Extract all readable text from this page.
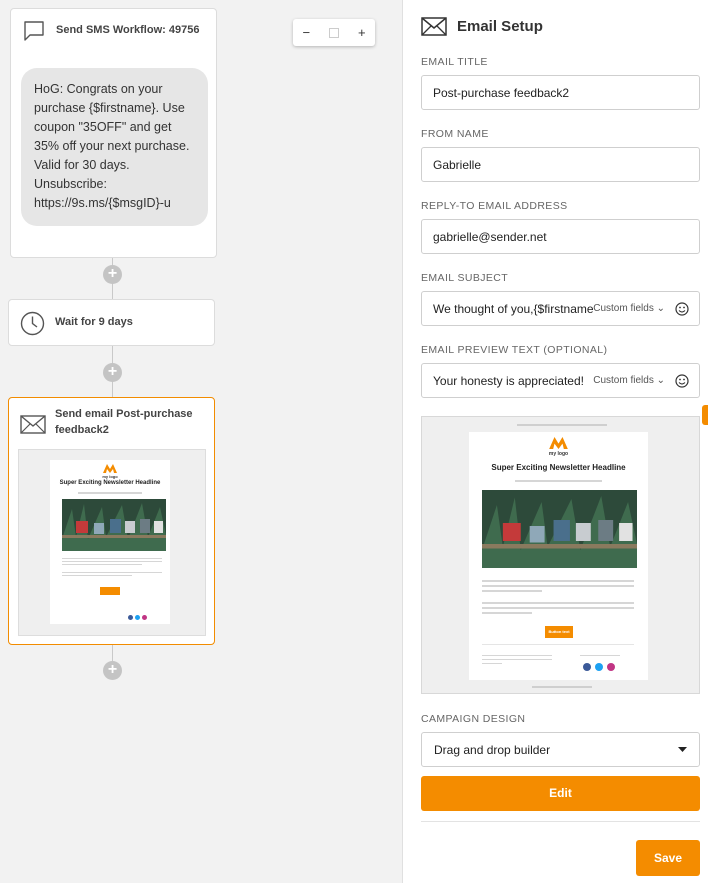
Send SMS Workflow: 49756
HoG: Congrats on your purchase {$firstname}. Use coupon "35OFF" and get 35% off your next purchase. Valid for 30 days. Unsubscribe: https://9s.ms/{$msgID}-u
+
Wait for 9 days
+
Send email Post-purchase feedback2
my logo
Super Exciting Newsletter Headline
+
−	+	Email Setup
EMAIL TITLE
Post-purchase feedback2
FROM NAME
Gabrielle
REPLY-TO EMAIL ADDRESS
gabrielle@sender.net
EMAIL SUBJECT
We thought of you,{$firstname Custom fields ⌄
EMAIL PREVIEW TEXT (OPTIONAL)
Your honesty is appreciated! Custom fields ⌄
my logo
Super Exciting Newsletter Headline
Button text
CAMPAIGN DESIGN
Drag and drop builder
Edit
Save
